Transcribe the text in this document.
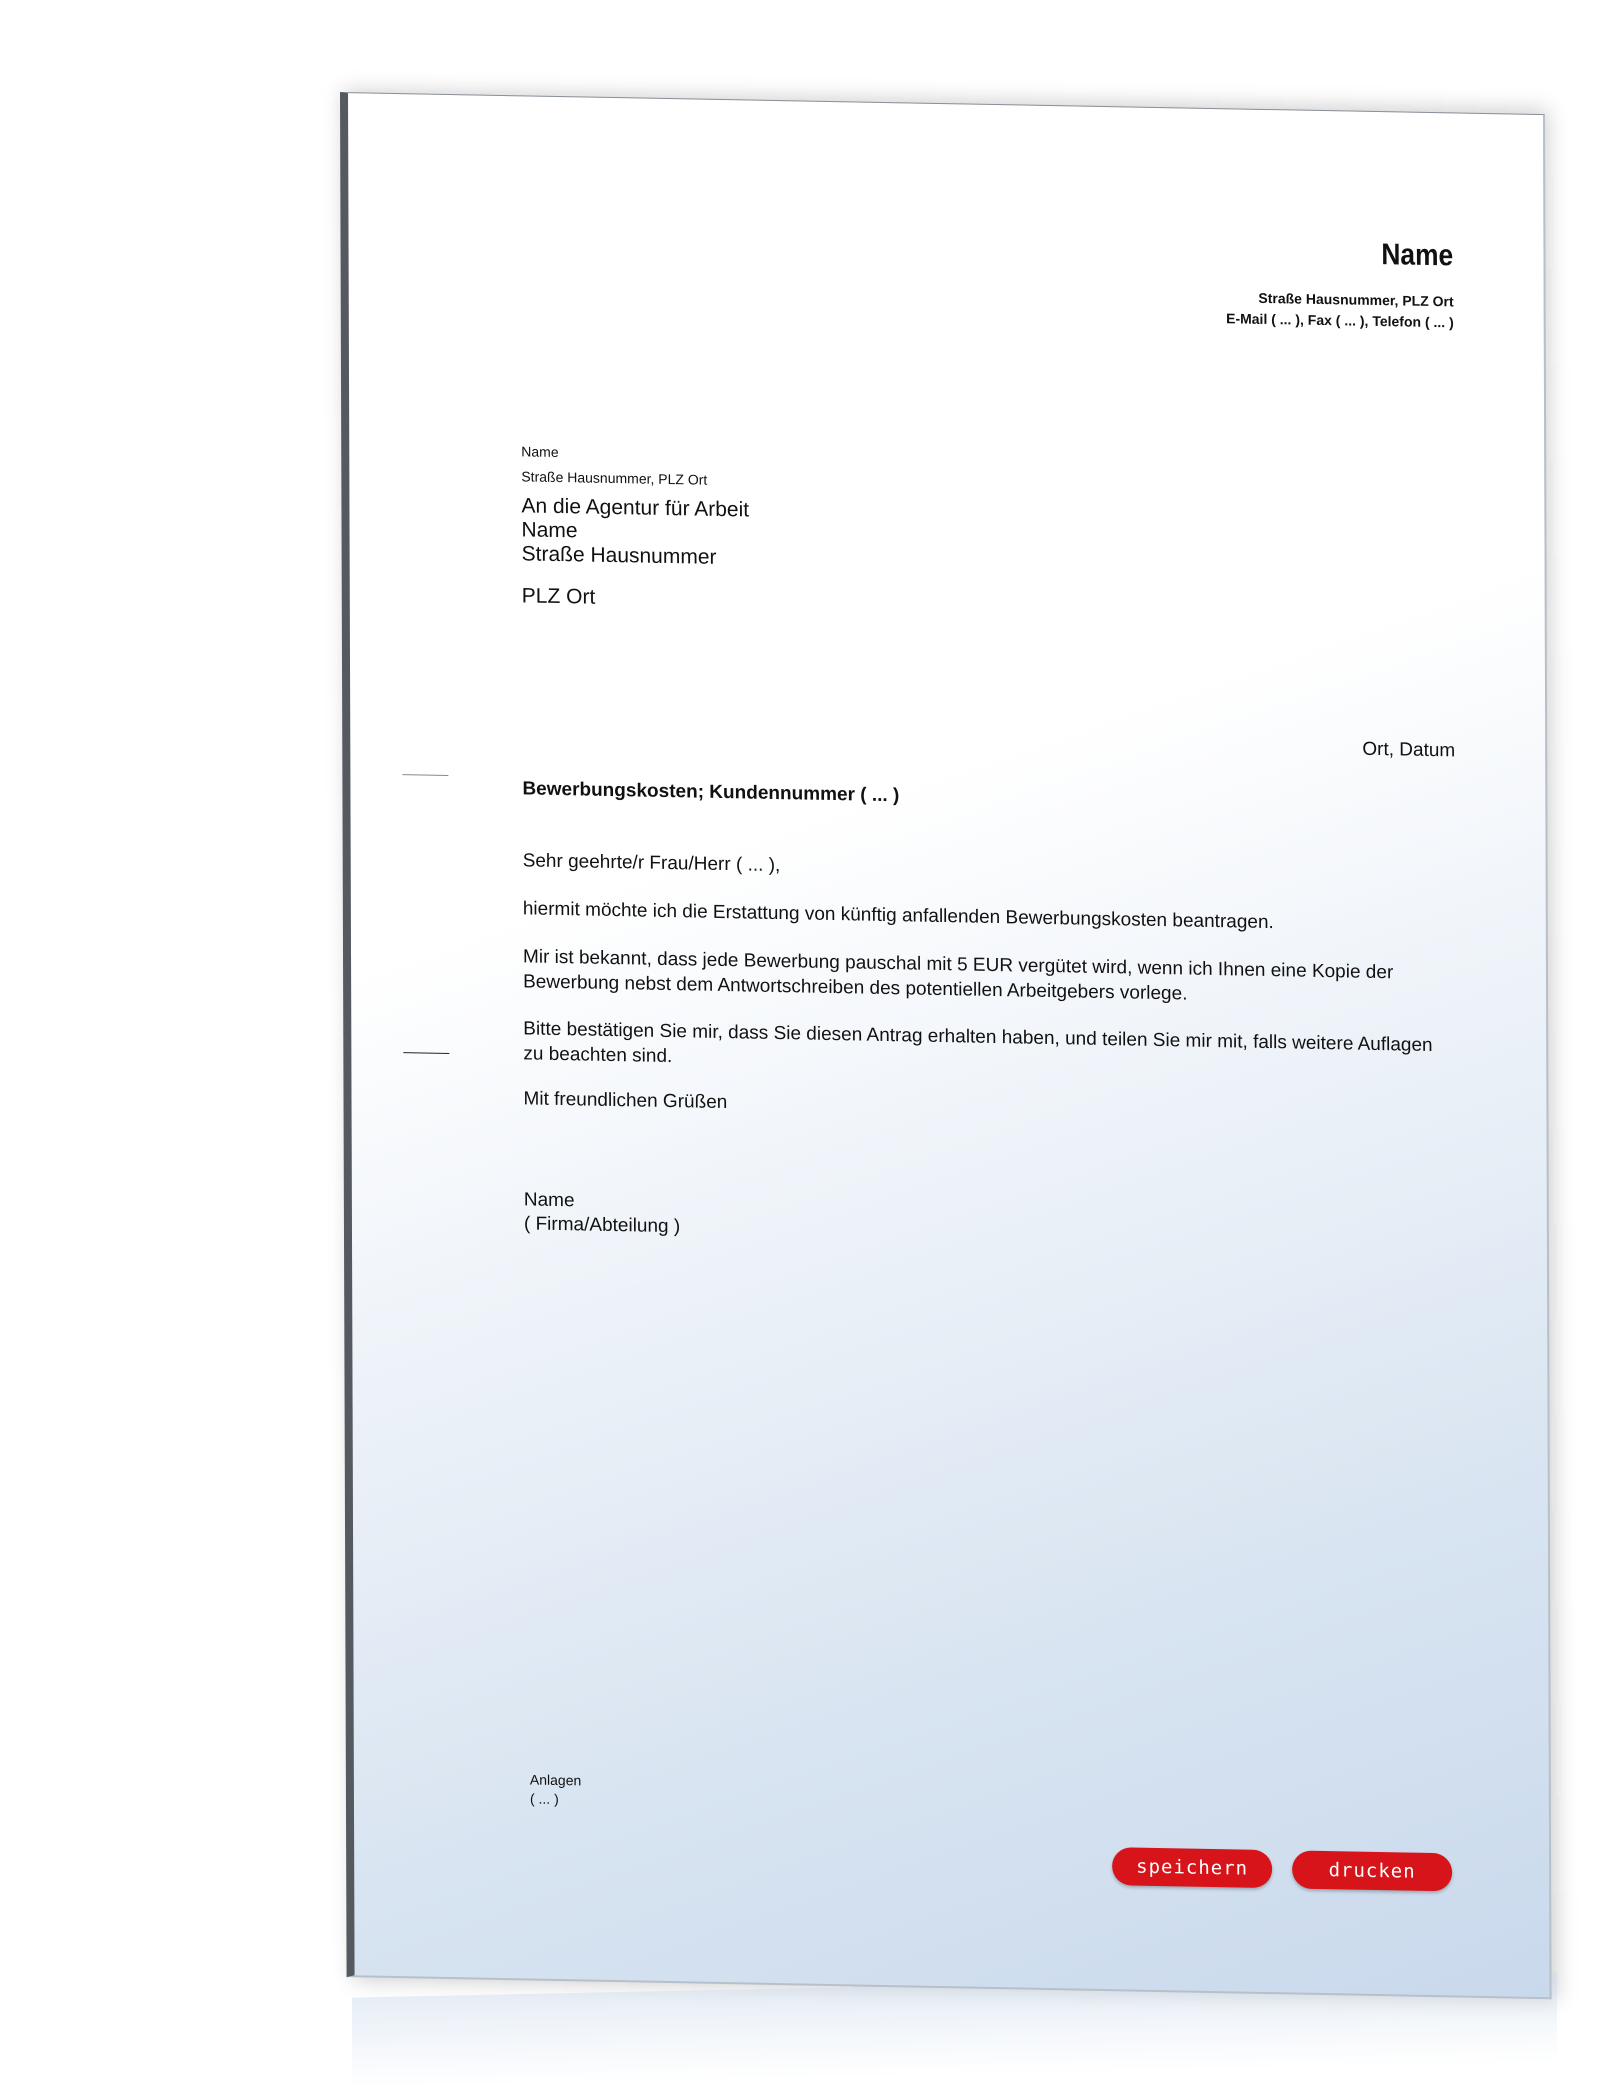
Name
Straße Hausnummer, PLZ Ort
E-Mail ( ... ), Fax ( ... ), Telefon ( ... )
Name
Straße Hausnummer, PLZ Ort
An die Agentur für Arbeit
Name
Straße Hausnummer
PLZ Ort
Ort, Datum
Bewerbungskosten; Kundennummer ( ... )
Sehr geehrte/r Frau/Herr ( ... ),
hiermit möchte ich die Erstattung von künftig anfallenden Bewerbungskosten beantragen.
Mir ist bekannt, dass jede Bewerbung pauschal mit 5 EUR vergütet wird, wenn ich Ihnen eine Kopie der Bewerbung nebst dem Antwortschreiben des potentiellen Arbeitgebers vorlege.
Bitte bestätigen Sie mir, dass Sie diesen Antrag erhalten haben, und teilen Sie mir mit, falls weitere Auflagen zu beachten sind.
Mit freundlichen Grüßen
Name
( Firma/Abteilung )
Anlagen
( ... )
speichern	drucken
